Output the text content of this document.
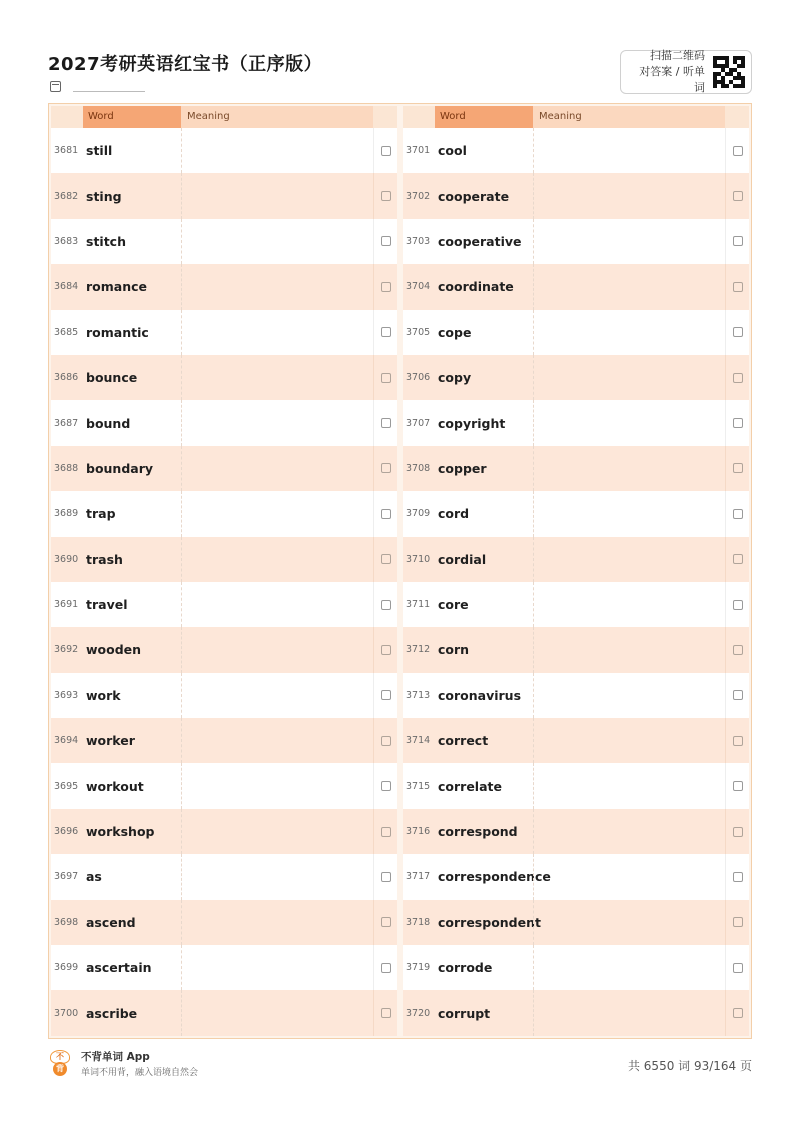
2027考研英语红宝书（正序版）	扫描二维码
对答案 / 听单词
Word	Meaning
3681 still
3682 sting
3683 stitch
3684 romance
3685 romantic
3686 bounce
3687 bound
3688 boundary
3689 trap
3690 trash
3691 travel
3692 wooden
3693 work
3694 worker
3695 workout
3696 workshop
3697 as
3698 ascend
3699 ascertain
3700 ascribe
Word	Meaning
3701 cool
3702 cooperate
3703 cooperative
3704 coordinate
3705 cope
3706 copy
3707 copyright
3708 copper
3709 cord
3710 cordial
3711 core
3712 corn
3713 coronavirus
3714 correct
3715 correlate
3716 correspond
3717 correspondence
3718 correspondent
3719 corrode
3720 corrupt
不
背
不背单词 App
单词不用背，融入语境自然会	共 6550 词 93/164 页
